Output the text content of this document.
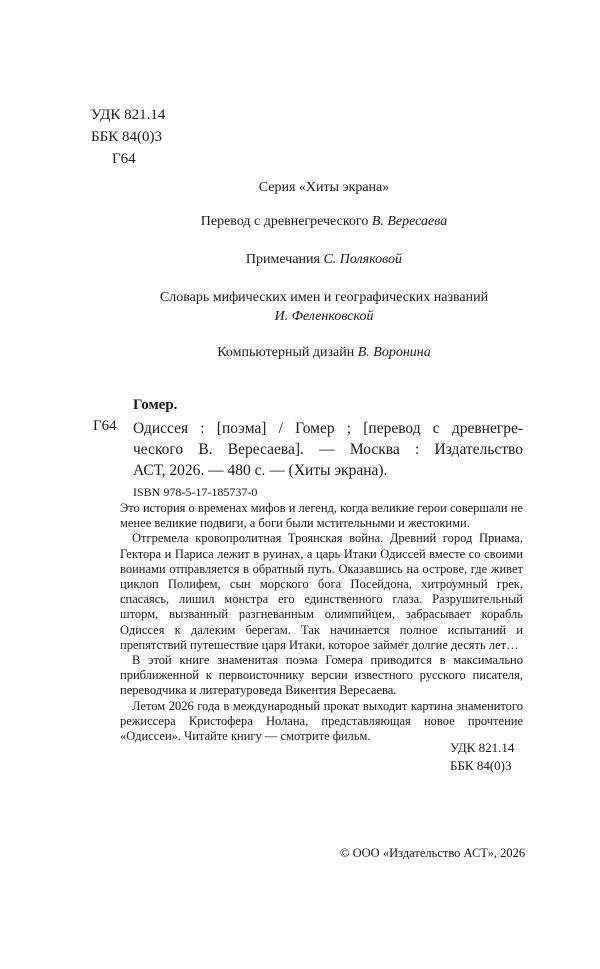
УДК 821.14
ББК 84(0)3
Г64
Серия «Хиты экрана»
Перевод с древнегреческого В. Вересаева
Примечания С. Поляковой
Словарь мифических имен и географических названий
И. Феленковской
Компьютерный дизайн В. Воронина
Гомер.
Г64 Одиссея : [поэма] / Гомер ; [перевод с древнегре-
ческого В. Вересаева]. — Москва : Издательство
АСТ, 2026. — 480 с. — (Хиты экрана).
ISBN 978-5-17-185737-0

Это история о временах мифов и легенд, когда великие герои совершали не менее великие подвиги, а боги были мстительными и жестокими.

Отгремела кровопролитная Троянская война. Древний город Приама, Гектора и Париса лежит в руинах, а царь Итаки Одиссей вместе со своими воинами отправляется в обратный путь. Оказавшись на острове, где живет циклоп Полифем, сын морского бога Посейдона, хитроумный грек, спасаясь, лишил монстра его единственного глаза. Разрушительный шторм, вызванный разгневанным олимпийцем, забрасывает корабль Одиссея к далеким берегам. Так начинается полное испытаний и препятствий путешествие царя Итаки, которое займет долгие десять лет…

В этой книге знаменитая поэма Гомера приводится в максимально приближенной к первоисточнику версии известного русского писателя, переводчика и литературоведа Викентия Вересаева.

Летом 2026 года в международный прокат выходит картина знаменитого режиссера Кристофера Нолана, представляющая новое прочтение «Одиссеи». Читайте книгу — смотрите фильм.

УДК 821.14
ББК 84(0)3
© ООО «Издательство АСТ», 2026
